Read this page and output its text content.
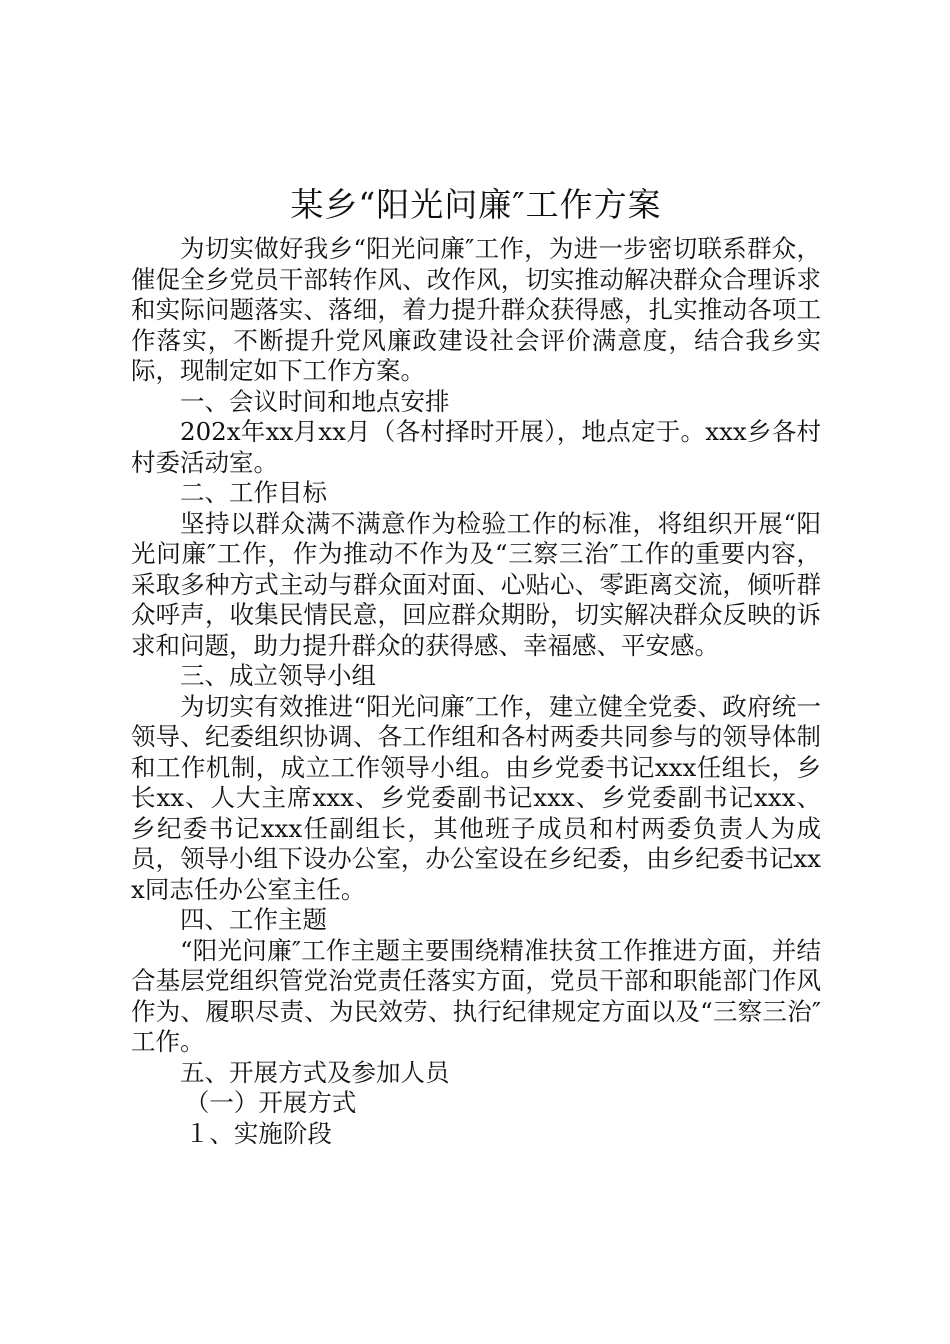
某乡“阳光问廉″工作方案

为切实做好我乡“阳光问廉″工作，为进一步密切联系群众，催促全乡党员干部转作风、改作风，切实推动解决群众合理诉求和实际问题落实、落细，着力提升群众获得感，扎实推动各项工作落实，不断提升党风廉政建设社会评价满意度，结合我乡实际，现制定如下工作方案。

一、会议时间和地点安排

202x年xx月xx月（各村择时开展），地点定于。xxx乡各村村委活动室。

二、工作目标

坚持以群众满不满意作为检验工作的标准，将组织开展“阳光问廉″工作，作为推动不作为及“三察三治″工作的重要内容，采取多种方式主动与群众面对面、心贴心、零距离交流，倾听群众呼声，收集民情民意，回应群众期盼，切实解决群众反映的诉求和问题，助力提升群众的获得感、幸福感、平安感。

三、成立领导小组

为切实有效推进“阳光问廉″工作，建立健全党委、政府统一领导、纪委组织协调、各工作组和各村两委共同参与的领导体制和工作机制，成立工作领导小组。由乡党委书记xxx任组长，乡长xx、人大主席xxx、乡党委副书记xxx、乡党委副书记xxx、乡纪委书记xxx任副组长，其他班子成员和村两委负责人为成员，领导小组下设办公室，办公室设在乡纪委，由乡纪委书记xxx同志任办公室主任。

四、工作主题

“阳光问廉″工作主题主要围绕精准扶贫工作推进方面，并结合基层党组织管党治党责任落实方面，党员干部和职能部门作风作为、履职尽责、为民效劳、执行纪律规定方面以及“三察三治″工作。

五、开展方式及参加人员

（一）开展方式

１、实施阶段
